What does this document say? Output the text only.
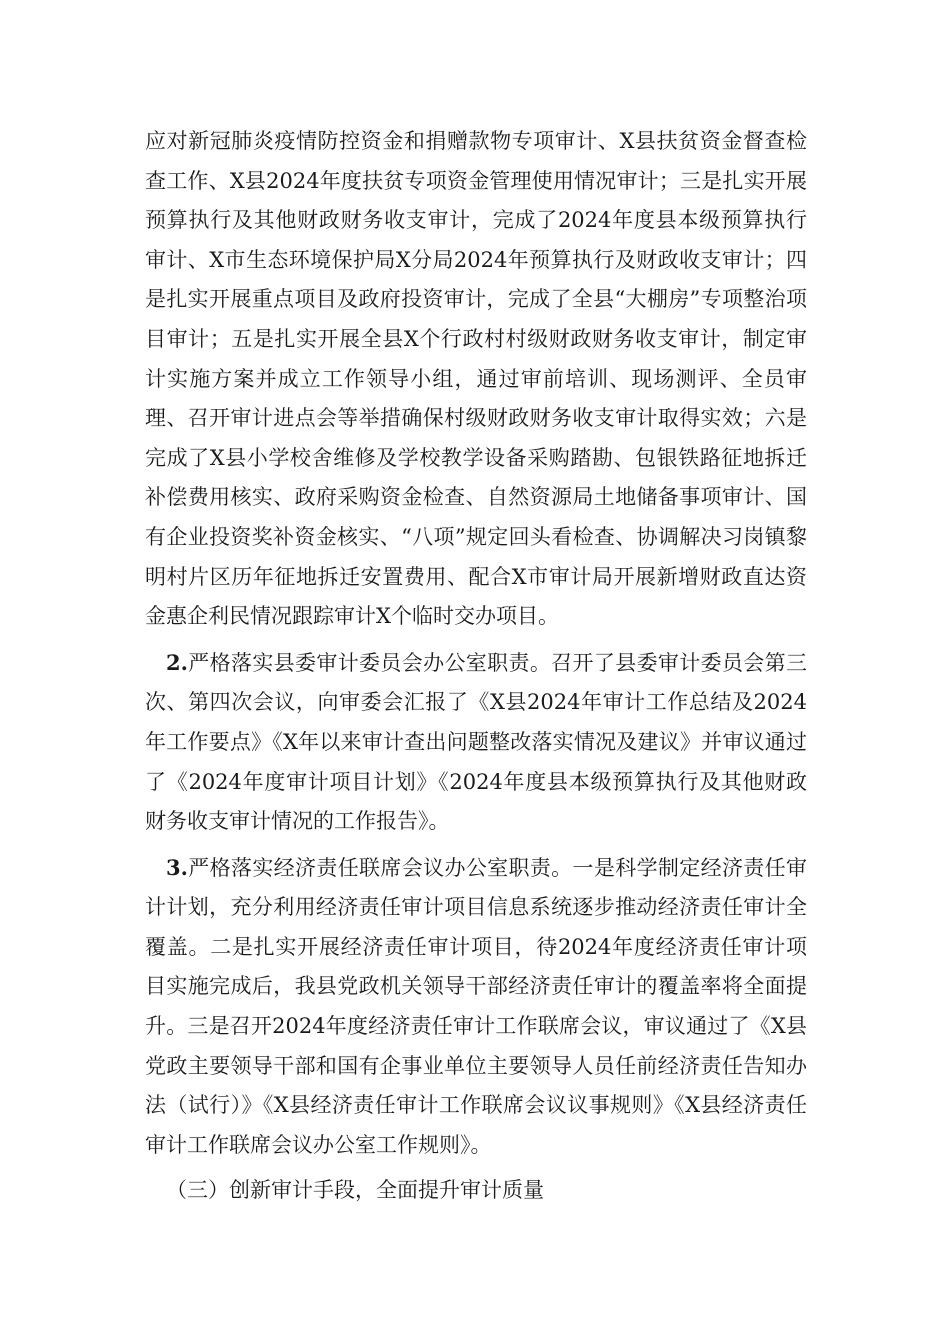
应对新冠肺炎疫情防控资金和捐赠款物专项审计、X县扶贫资金督查检查工作、X县2024年度扶贫专项资金管理使用情况审计；三是扎实开展预算执行及其他财政财务收支审计，完成了2024年度县本级预算执行审计、X市生态环境保护局X分局2024年预算执行及财政收支审计；四是扎实开展重点项目及政府投资审计，完成了全县“大棚房”专项整治项目审计；五是扎实开展全县X个行政村村级财政财务收支审计，制定审计实施方案并成立工作领导小组，通过审前培训、现场测评、全员审理、召开审计进点会等举措确保村级财政财务收支审计取得实效；六是完成了X县小学校舍维修及学校教学设备采购踏勘、包银铁路征地拆迁补偿费用核实、政府采购资金检查、自然资源局土地储备事项审计、国有企业投资奖补资金核实、“八项”规定回头看检查、协调解决习岗镇黎明村片区历年征地拆迁安置费用、配合X市审计局开展新增财政直达资金惠企利民情况跟踪审计X个临时交办项目。

2.严格落实县委审计委员会办公室职责。召开了县委审计委员会第三次、第四次会议，向审委会汇报了《X县2024年审计工作总结及2024年工作要点》《X年以来审计查出问题整改落实情况及建议》并审议通过了《2024年度审计项目计划》《2024年度县本级预算执行及其他财政财务收支审计情况的工作报告》。

3.严格落实经济责任联席会议办公室职责。一是科学制定经济责任审计计划，充分利用经济责任审计项目信息系统逐步推动经济责任审计全覆盖。二是扎实开展经济责任审计项目，待2024年度经济责任审计项目实施完成后，我县党政机关领导干部经济责任审计的覆盖率将全面提升。三是召开2024年度经济责任审计工作联席会议，审议通过了《X县党政主要领导干部和国有企事业单位主要领导人员任前经济责任告知办法（试行）》《X县经济责任审计工作联席会议议事规则》《X县经济责任审计工作联席会议办公室工作规则》。

（三）创新审计手段，全面提升审计质量
